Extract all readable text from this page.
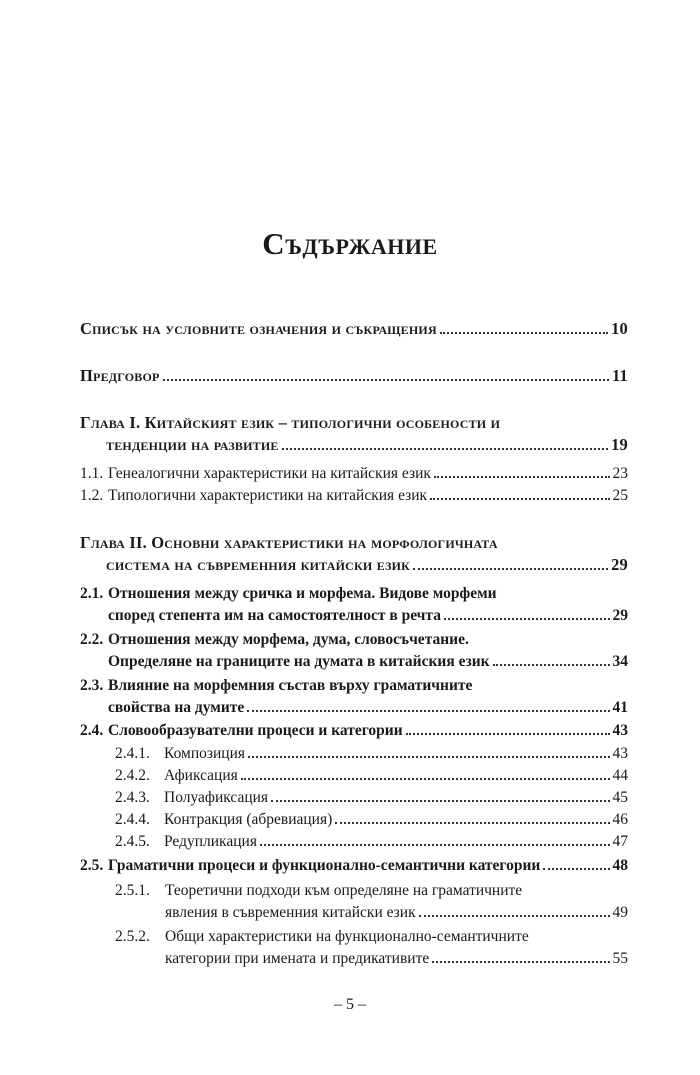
Съдържание
Списък на условните означения и съкращения	10
Предговор	11
Глава I. Китайският език – типологични особености и
тенденции на развитие	19
1.1. Генеалогични характеристики на китайския език	23
1.2. Типологични характеристики на китайския език	25
Глава II. Основни характеристики на морфологичната
система на съвременния китайски език	29
2.1. Отношения между сричка и морфема. Видове морфеми
според степента им на самостоятелност в речта	29
2.2. Отношения между морфема, дума, словосъчетание.
Определяне на границите на думата в китайския език	34
2.3. Влияние на морфемния състав върху граматичните
свойства на думите	41
2.4. Словообразувателни процеси и категории	43
2.4.1. Композиция	43
2.4.2. Афиксация	44
2.4.3. Полуафиксация	45
2.4.4. Контракция (абревиация)	46
2.4.5. Редупликация	47
2.5. Граматични процеси и функционално-семантични категории	48
2.5.1. Теоретични подходи към определяне на граматичните
явления в съвременния китайски език	49
2.5.2. Общи характеристики на функционално-семантичните
категории при имената и предикативите	55

– 5 –
